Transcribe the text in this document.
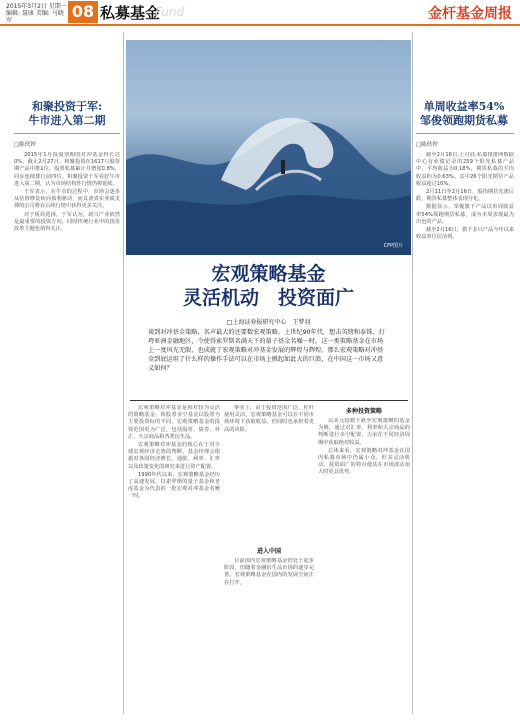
2015年3月2日 星期一
编辑: 聂康 美编: 马晓军	08 私募基金
Fund	金杆基金周报
和聚投资于军:
牛市进入第二期
□陈伙钟

2015年1月投股票期的对冲基金得长达0%，截止2月27日，和聚投资在1617只股票期产品中排1位，股票私募累计月增加0.8%，同步连续排行前四位。和聚投资于军看好牛市进入第二期，认为市场结构性行情仍将延续。

于军表示，在牛市的过程中，市场会逐步从估值修复转向盈利驱动，而具备真实业绩支撑的公司将在后续行情中获得更多关注。

对于板块选择，于军认为，新兴产业依然是最重要的投资方向，同时传统行业中的国企改革主题也值得关注。

CFP图片
宏观策略基金
灵活机动　投资面广
□上海证券报研究中心　王梦羽
谈到对冲基金策略，名声最大的还要数宏观策略。上世纪90年代，想击英镑和泰铢、打垮亚洲金融地区，令使得索罗斯名满天下的量子基金名噪一时。这一类策略基金在市场上一度风光无限，也成就了宏观策略对冲基金发展的辉煌与辉煌。那么宏观策略对冲基金到底运用了什么样的操作手法可以在市场上掀起如此大的巨浪，在中国这一市场又意义如何？

宏观策略对冲基金是相对较为灵活的策略基金，和股票多空基金以股票为主要投资标的不同，宏观策略基金的投资范围更为广泛，包括股票、债券、外汇、大宗商品和各类衍生品。

宏观策略对冲基金的核心在于对全球宏观经济走势的判断，基金经理会根据对各国经济增长、通胀、利率、汇率以及政策变化的研究来进行资产配置。

1990年代以来，宏观策略基金经历了高速发展，以索罗斯的量子基金和老虎基金为代表的一批宏观对冲基金名噪一时。

事实上，由于投资范围广泛、杠杆使用灵活，宏观策略基金可以在不同市场环境下获取收益。但同时也承担着更高的风险。

进入中国

目前国内宏观策略基金仍处于起步阶段，但随着金融衍生品市场的逐步完善，宏观策略基金在国内的发展空间正在打开。

多种投资策略

以美元指数下跌至宏观策略的基金为例，通过对汇率、利率和大宗商品的判断进行多空配置，力求在不同经济周期中获取绝对收益。

总体来看，宏观策略对冲基金在国内私募市场中仍属小众，但其灵活机动、投资面广的特点使其在市场波动加大时更具优势。

单周收益率54%
邹俊领跑期货私募
□陈伙钟

截至2月16日,上月底,私募排排网数据中心有业绩记录的259个阳光私募产品中，平均收益为0.18%，期货私募的平均收益约为0.63%。其中26个阳光期货产品收益超过10%。

2月11日至2月16日，股指期货先涨后跌，期货私募整体表现分化。

数据显示，邹俊旗下产品以单周收益率54%领跑期货私募，成为本周表现最为出色的产品。

截至2月16日，旗下多只产品今年以来收益率位居前列。
